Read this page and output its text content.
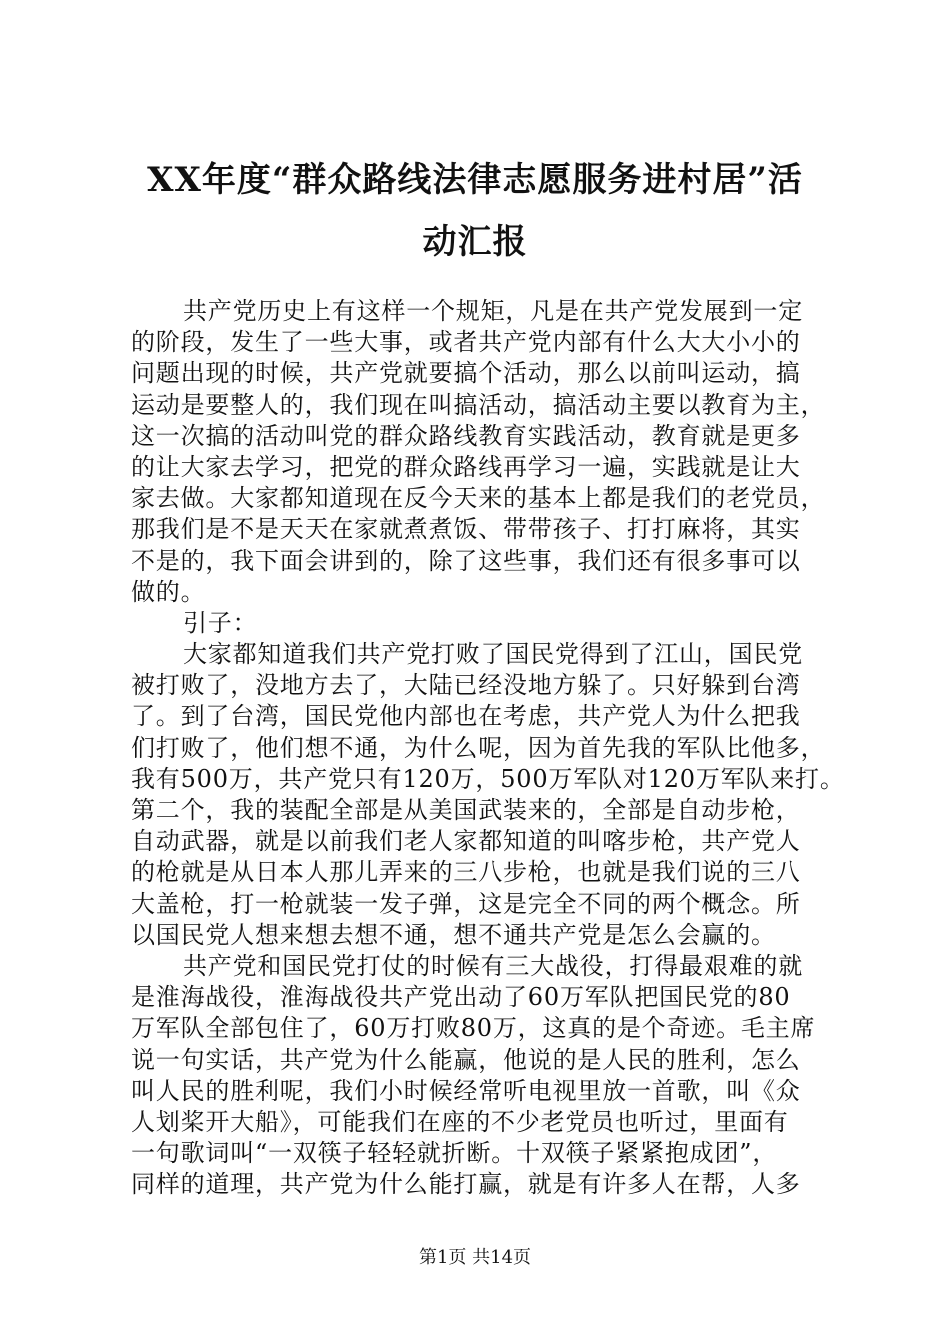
XX年度“群众路线法律志愿服务进村居”活
动汇报
共产党历史上有这样一个规矩，凡是在共产党发展到一定
的阶段，发生了一些大事，或者共产党内部有什么大大小小的
问题出现的时候，共产党就要搞个活动，那么以前叫运动，搞
运动是要整人的，我们现在叫搞活动，搞活动主要以教育为主，
这一次搞的活动叫党的群众路线教育实践活动，教育就是更多
的让大家去学习，把党的群众路线再学习一遍，实践就是让大
家去做。大家都知道现在反今天来的基本上都是我们的老党员，
那我们是不是天天在家就煮煮饭、带带孩子、打打麻将，其实
不是的，我下面会讲到的，除了这些事，我们还有很多事可以
做的。
引子：
大家都知道我们共产党打败了国民党得到了江山，国民党
被打败了，没地方去了，大陆已经没地方躲了。只好躲到台湾
了。到了台湾，国民党他内部也在考虑，共产党人为什么把我
们打败了，他们想不通，为什么呢，因为首先我的军队比他多，
我有500万，共产党只有120万，500万军队对120万军队来打。
第二个，我的装配全部是从美国武装来的，全部是自动步枪，
自动武器，就是以前我们老人家都知道的叫喀步枪，共产党人
的枪就是从日本人那儿弄来的三八步枪，也就是我们说的三八
大盖枪，打一枪就装一发子弹，这是完全不同的两个概念。所
以国民党人想来想去想不通，想不通共产党是怎么会赢的。
共产党和国民党打仗的时候有三大战役，打得最艰难的就
是淮海战役，淮海战役共产党出动了60万军队把国民党的80
万军队全部包住了，60万打败80万，这真的是个奇迹。毛主席
说一句实话，共产党为什么能赢，他说的是人民的胜利，怎么
叫人民的胜利呢，我们小时候经常听电视里放一首歌，叫《众
人划桨开大船》，可能我们在座的不少老党员也听过，里面有
一句歌词叫“一双筷子轻轻就折断。十双筷子紧紧抱成团”，
同样的道理，共产党为什么能打赢，就是有许多人在帮，人多
第1页 共14页
